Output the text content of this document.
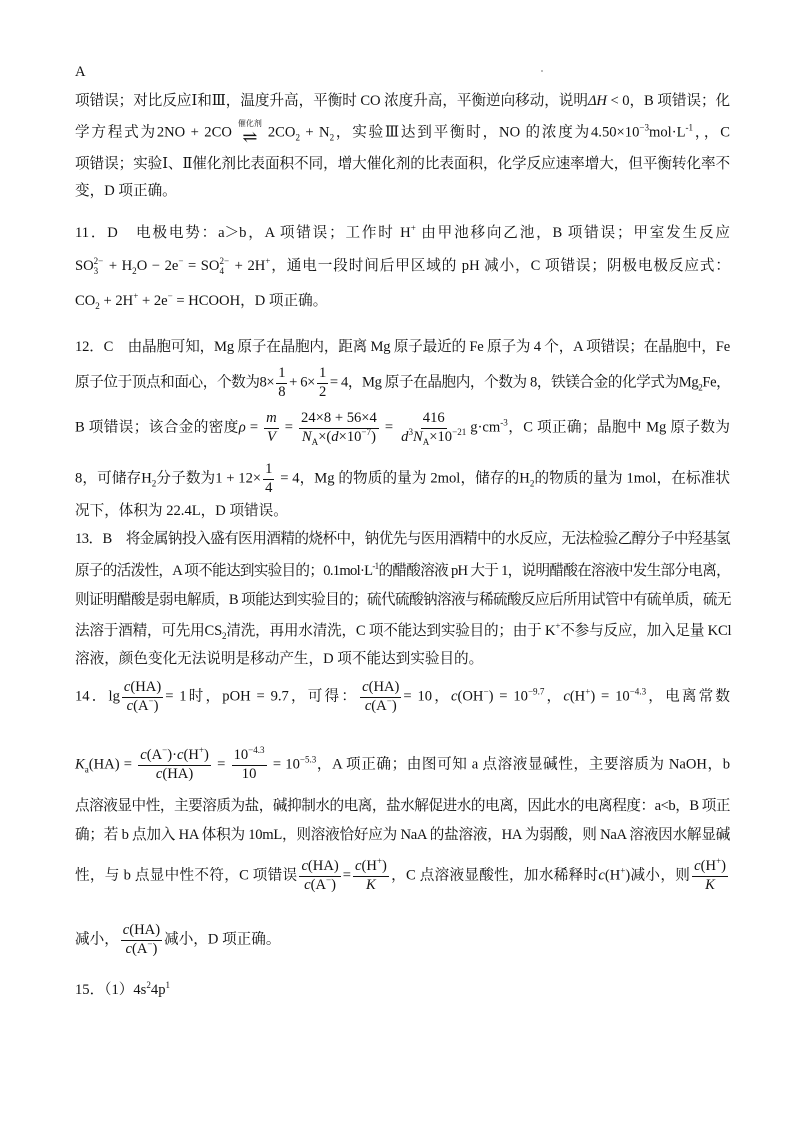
A
项错误；对比反应Ⅰ和Ⅲ，温度升高，平衡时 CO 浓度升高，平衡逆向移动，说明ΔH < 0，B 项错误；化
学方程式为2NO + 2CO
催化剂
⇌ $2CO_2 + N_2$，实验Ⅲ达到平衡时，NO 的浓度为$4.50\times 10^{-3}mol\cdot L^{-1}$，，C
项错误；实验Ⅰ、Ⅱ催化剂比表面积不同，增大催化剂的比表面积，化学反应速率增大，但平衡转化率不
变，D 项正确。
11．D　电极电势：a＞b，A 项错误；工作时 H+ 由甲池移向乙池，B 项错误；甲室发生反应
SO 2−
$3 + H_2O - 2e^-$ = SO 2−
4 + 2H+，通电一段时间后甲区域的 pH 减小，C 项错误；阴极电极反应式：
$CO_2 + 2H^+ + 2e^-$ = HCOOH，D 项正确。
12．C　由晶胞可知，Mg 原子在晶胞内，距离 Mg 原子最近的 Fe 原子为 4 个，A 项错误；在晶胞中，Fe
原子位于顶点和面心，个数为$8\times \frac{1}{8} + 6\times \frac{1}{2} = 4$，Mg 原子在晶胞内，个数为 8，铁镁合金的化学式为$Mg_2Fe$，
B 项错误；该合金的密度$\rho = \frac{m}{V} = \frac{24\times 8 + 56\times 4}{N_A\times(d\times 10^{-7})} = \frac{416}{d^3N_A\times 10^{-21}} g\cdot cm^{-3}$，C 项正确；晶胞中 Mg 原子数为
8，可储存$H_2$分子数为$1 + 12\times \frac{1}{4} = 4$，Mg 的物质的量为 2mol，储存的$H_2$的物质的量为 1mol，在标准状
况下，体积为 22.4L，D 项错误。
13．B　将金属钠投入盛有医用酒精的烧杯中，钠优先与医用酒精中的水反应，无法检验乙醇分子中羟基氢
原子的活泼性，A 项不能达到实验目的；$0.1mol\cdot L^{-1}$的醋酸溶液 pH 大于 1，说明醋酸在溶液中发生部分电离，
则证明醋酸是弱电解质，B 项能达到实验目的；硫代硫酸钠溶液与稀硫酸反应后所用试管中有硫单质，硫无
法溶于酒精，可先用$CS_2$清洗，再用水清洗，C 项不能达到实验目的；由于 K+不参与反应，加入足量 KCl
溶液，颜色变化无法说明是移动产生，D 项不能达到实验目的。
14．$\lg \frac{c(HA)}{c(A^-)} = 1$时，pOH = 9.7，可得： $\frac{c(HA)}{c(A^-)} = 10$，$c(OH^-) = 10^{-9.7}$，$c(H^+) = 10^{-4.3}$，电离常数
$K_a(HA) = \frac{c(A^-)\cdot c(H^+)}{c(HA)} = \frac{10^{-4.3}}{10} = 10^{-5.3}$，A 项正确；由图可知 a 点溶液显碱性，主要溶质为 NaOH，b
点溶液显中性，主要溶质为盐，碱抑制水的电离，盐水解促进水的电离，因此水的电离程度：a<b，B 项正
确；若 b 点加入 HA 体积为 10mL，则溶液恰好应为 NaA 的盐溶液，HA 为弱酸，则 NaA 溶液因水解显碱
性，与 b 点显中性不符，C 项错误 $\frac{c(HA)}{c(A^-)} = \frac{c(H^+)}{K}$ ，C 点溶液显酸性，加水稀释时c(H+)减小，则 $\frac{c(H^+)}{K}$
减小， $\frac{c(HA)}{c(A^-)}$ 减小，D 项正确。
15．$(1)4s^24p^1$
